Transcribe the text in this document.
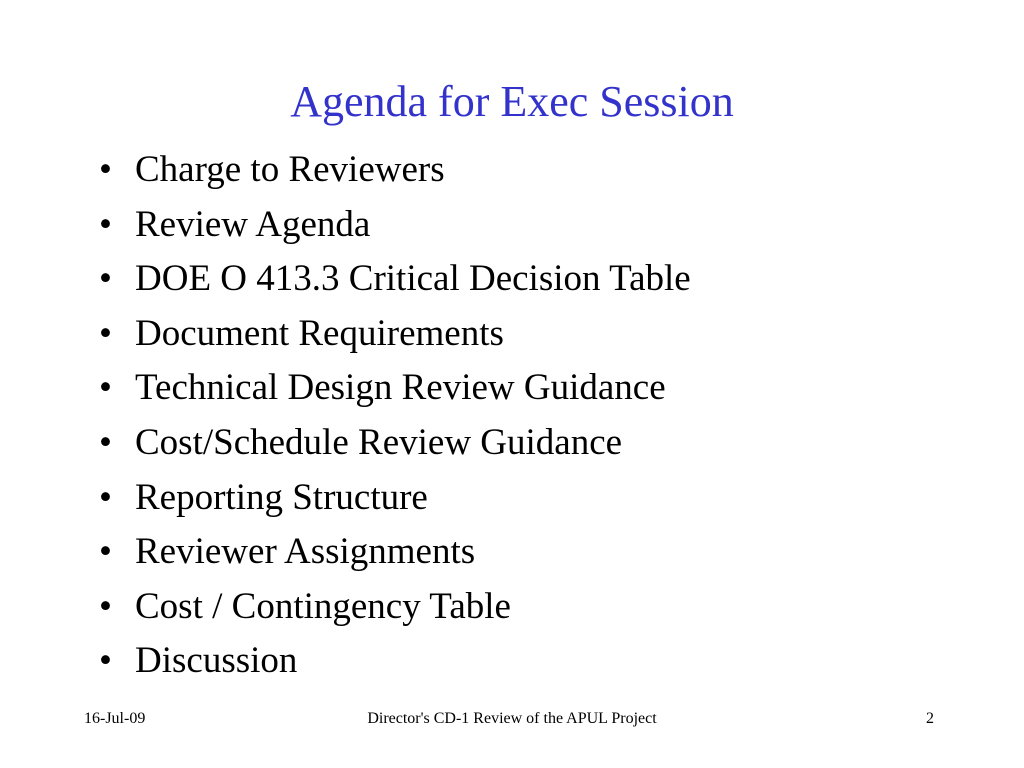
Agenda for Exec Session
• Charge to Reviewers
• Review Agenda
• DOE O 413.3 Critical Decision Table
• Document Requirements
• Technical Design Review Guidance
• Cost/Schedule Review Guidance
• Reporting Structure
• Reviewer Assignments
• Cost / Contingency Table
• Discussion
16-Jul-09	Director's CD-1 Review of the APUL Project	2
